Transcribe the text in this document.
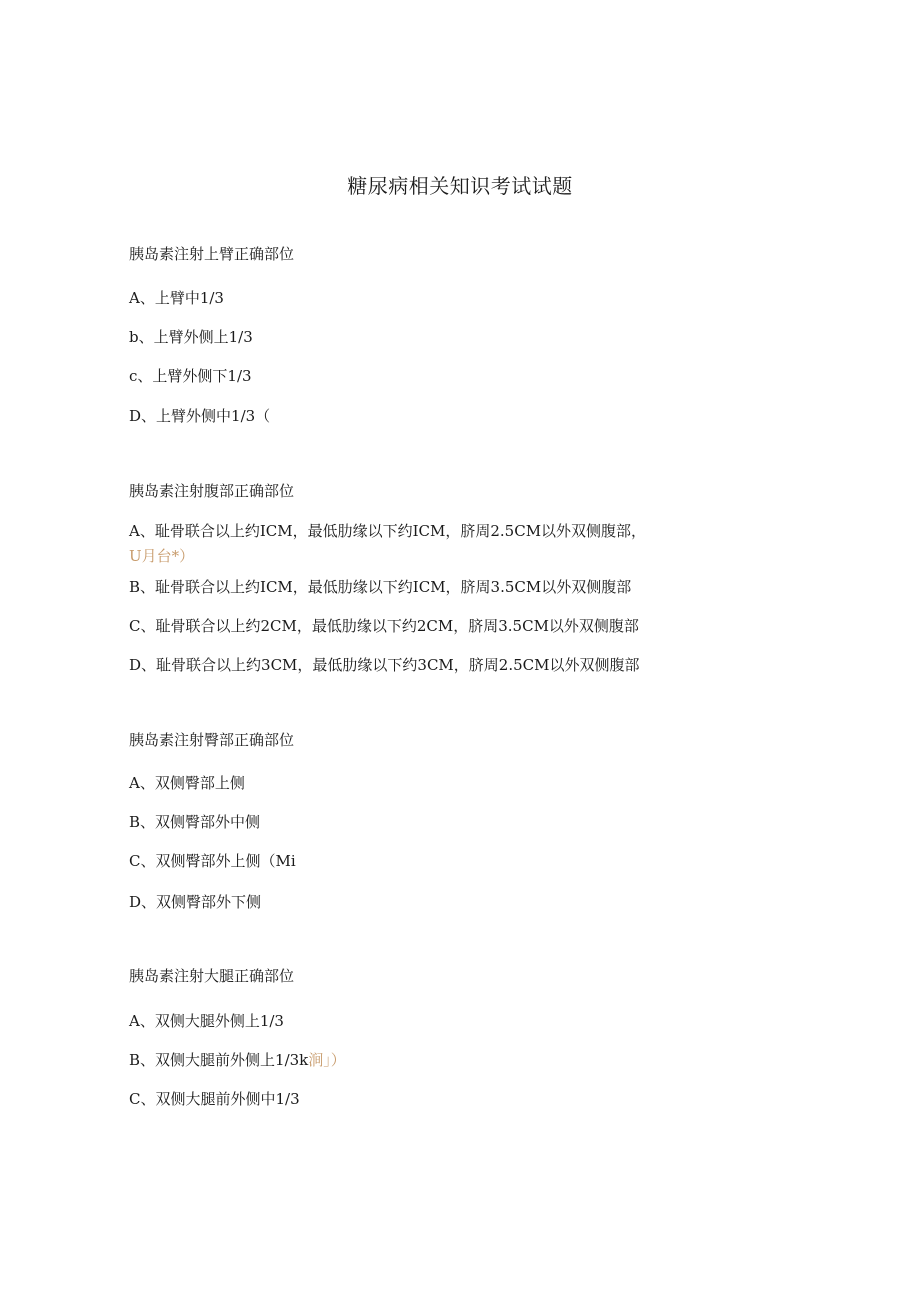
糖尿病相关知识考试试题
胰岛素注射上臂正确部位
A、上臂中1/3
b、上臂外侧上1/3
c、上臂外侧下1/3
D、上臂外侧中1/3（
胰岛素注射腹部正确部位
A、耻骨联合以上约ICM，最低肋缘以下约ICM，脐周2.5CM以外双侧腹部，
U月台*）
B、耻骨联合以上约ICM，最低肋缘以下约ICM，脐周3.5CM以外双侧腹部
C、耻骨联合以上约2CM，最低肋缘以下约2CM，脐周3.5CM以外双侧腹部
D、耻骨联合以上约3CM，最低肋缘以下约3CM，脐周2.5CM以外双侧腹部
胰岛素注射臀部正确部位
A、双侧臀部上侧
B、双侧臀部外中侧
C、双侧臀部外上侧（Mi
D、双侧臀部外下侧
胰岛素注射大腿正确部位
A、双侧大腿外侧上1/3
B、双侧大腿前外侧上1/3k涧」）
C、双侧大腿前外侧中1/3
